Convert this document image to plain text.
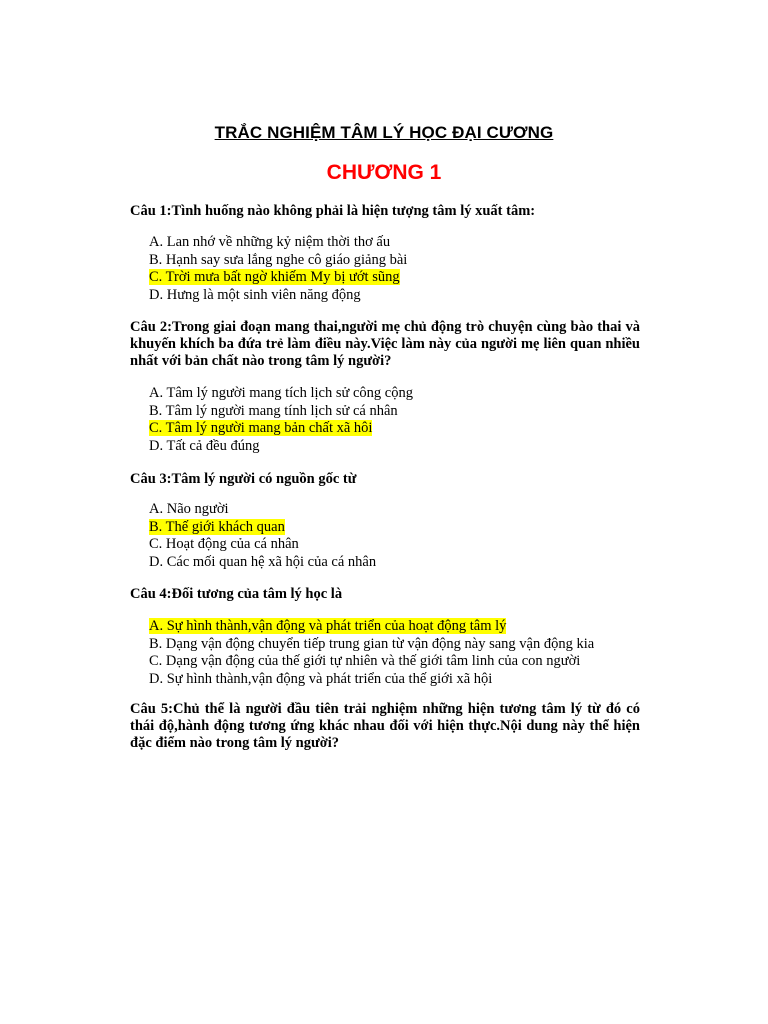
TRẮC NGHIỆM TÂM LÝ HỌC ĐẠI CƯƠNG
CHƯƠNG 1
Câu 1:Tình huống nào không phải là hiện tượng tâm lý xuất tâm:
A. Lan nhớ về những kỷ niệm thời thơ ấu
B. Hạnh say sưa lắng nghe cô giáo giảng bài
C. Trời mưa bất ngờ khiếm My bị ướt sũng
D. Hưng là một sinh viên năng động
Câu 2:Trong giai đoạn mang thai,người mẹ chủ động trò chuyện cùng bào thai và khuyến khích ba đứa trẻ làm điều này.Việc làm này của người mẹ liên quan nhiều nhất với bản chất nào trong tâm lý người?
A. Tâm lý người mang tích lịch sử công cộng
B. Tâm lý người mang tính lịch sử cá nhân
C. Tâm lý người mang bản chất xã hôi
D. Tất cả đều đúng
Câu 3:Tâm lý người có nguồn gốc từ
A. Não người
B. Thế giới khách quan
C. Hoạt động của cá nhân
D. Các mối quan hệ xã hội của cá nhân
Câu 4:Đối tương của tâm lý học là
A. Sự hình thành,vận động và phát triển của hoạt động tâm lý
B. Dạng vận động chuyển tiếp trung gian từ vận động này sang vận động kia
C. Dạng vận động của thế giới tự nhiên và thế giới tâm linh của con người
D. Sự hình thành,vận động và phát triển của thế giới xã hội
Câu 5:Chủ thể là người đầu tiên trải nghiệm những hiện tương tâm lý từ đó có thái độ,hành động tương ứng khác nhau đối với hiện thực.Nội dung này thể hiện đặc điểm nào trong tâm lý người?
